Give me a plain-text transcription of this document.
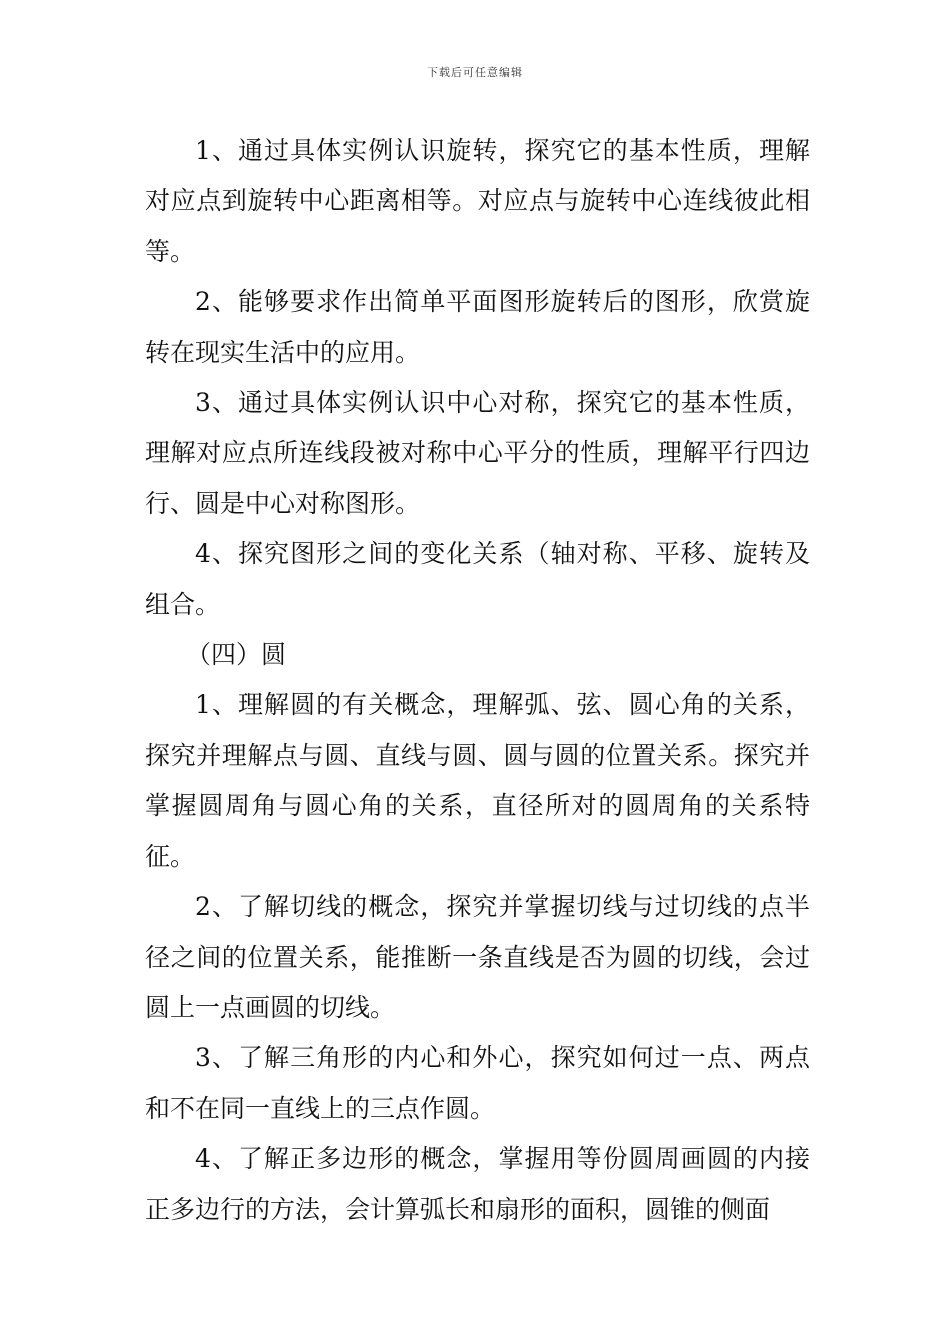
下载后可任意编辑

1、通过具体实例认识旋转，探究它的基本性质，理解对应点到旋转中心距离相等。对应点与旋转中心连线彼此相等。

2、能够要求作出简单平面图形旋转后的图形，欣赏旋转在现实生活中的应用。

3、通过具体实例认识中心对称，探究它的基本性质，理解对应点所连线段被对称中心平分的性质，理解平行四边行、圆是中心对称图形。

4、探究图形之间的变化关系（轴对称、平移、旋转及组合。

（四）圆

1、理解圆的有关概念，理解弧、弦、圆心角的关系，探究并理解点与圆、直线与圆、圆与圆的位置关系。探究并掌握圆周角与圆心角的关系，直径所对的圆周角的关系特征。

2、了解切线的概念，探究并掌握切线与过切线的点半径之间的位置关系，能推断一条直线是否为圆的切线，会过圆上一点画圆的切线。

3、了解三角形的内心和外心，探究如何过一点、两点和不在同一直线上的三点作圆。

4、了解正多边形的概念，掌握用等份圆周画圆的内接正多边行的方法，会计算弧长和扇形的面积，圆锥的侧面
